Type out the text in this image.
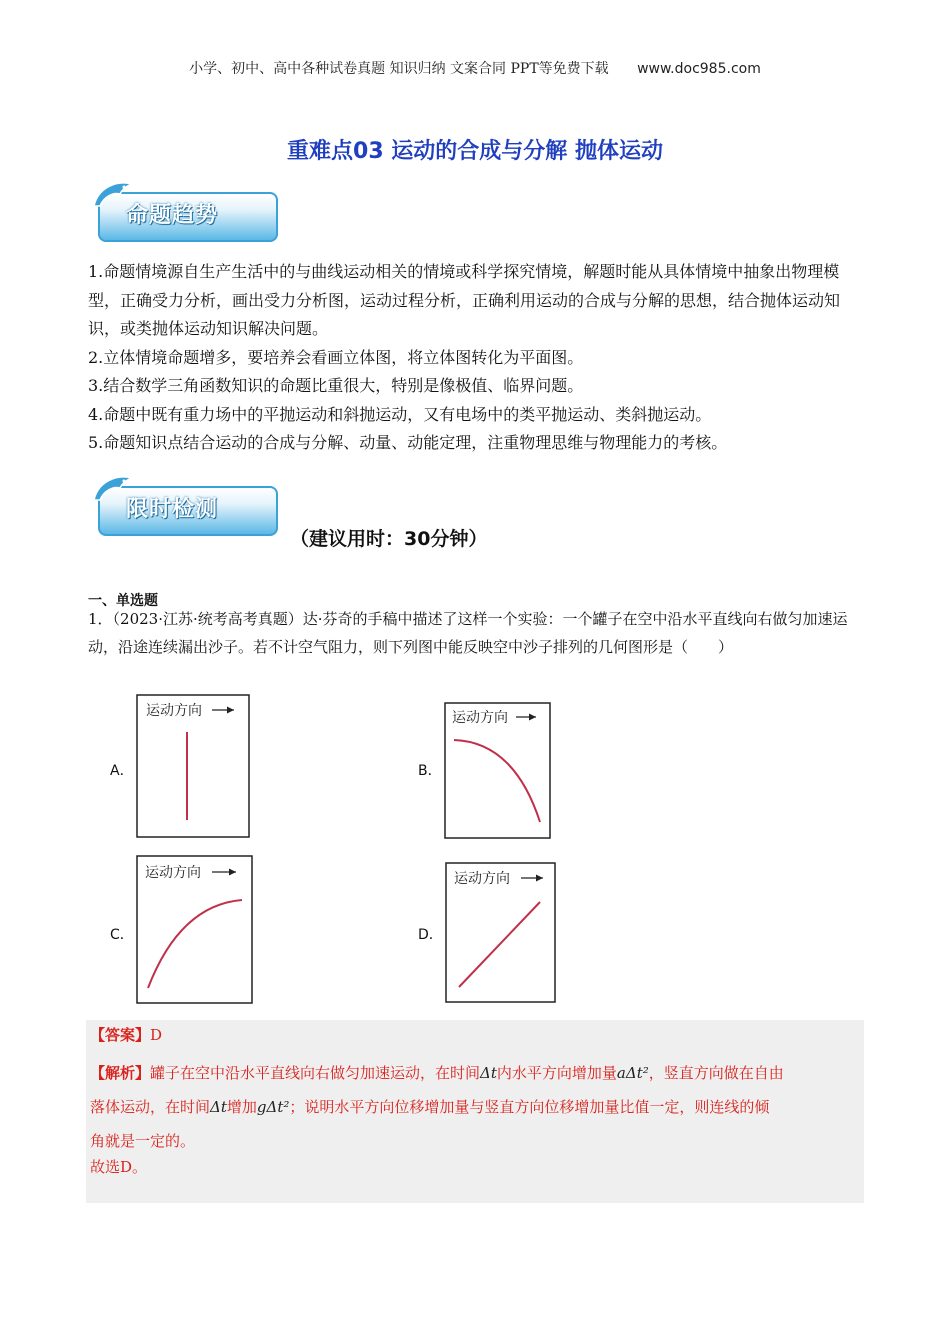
小学、初中、高中各种试卷真题 知识归纳 文案合同 PPT等免费下载 www.doc985.com
重难点03 运动的合成与分解 抛体运动
命题趋势

1.命题情境源自生产生活中的与曲线运动相关的情境或科学探究情境，解题时能从具体情境中抽象出物理模型，正确受力分析，画出受力分析图，运动过程分析，正确利用运动的合成与分解的思想，结合抛体运动知识，或类抛体运动知识解决问题。

2.立体情境命题增多，要培养会看画立体图，将立体图转化为平面图。

3.结合数学三角函数知识的命题比重很大，特别是像极值、临界问题。

4.命题中既有重力场中的平抛运动和斜抛运动，又有电场中的类平抛运动、类斜抛运动。

5.命题知识点结合运动的合成与分解、动量、动能定理，注重物理思维与物理能力的考核。

限时检测
（建议用时：30分钟）
一、单选题

1．（2023·江苏·统考高考真题）达·芬奇的手稿中描述了这样一个实验：一个罐子在空中沿水平直线向右做匀加速运动，沿途连续漏出沙子。若不计空气阻力，则下列图中能反映空中沙子排列的几何图形是（　　）

A．
运动方向
B．
运动方向
C．
运动方向
D．
运动方向

【答案】D

【解析】罐子在空中沿水平直线向右做匀加速运动，在时间Δt内水平方向增加量aΔt²，竖直方向做在自由
落体运动，在时间Δt增加gΔt²；说明水平方向位移增加量与竖直方向位移增加量比值一定，则连线的倾
角就是一定的。

故选D。
